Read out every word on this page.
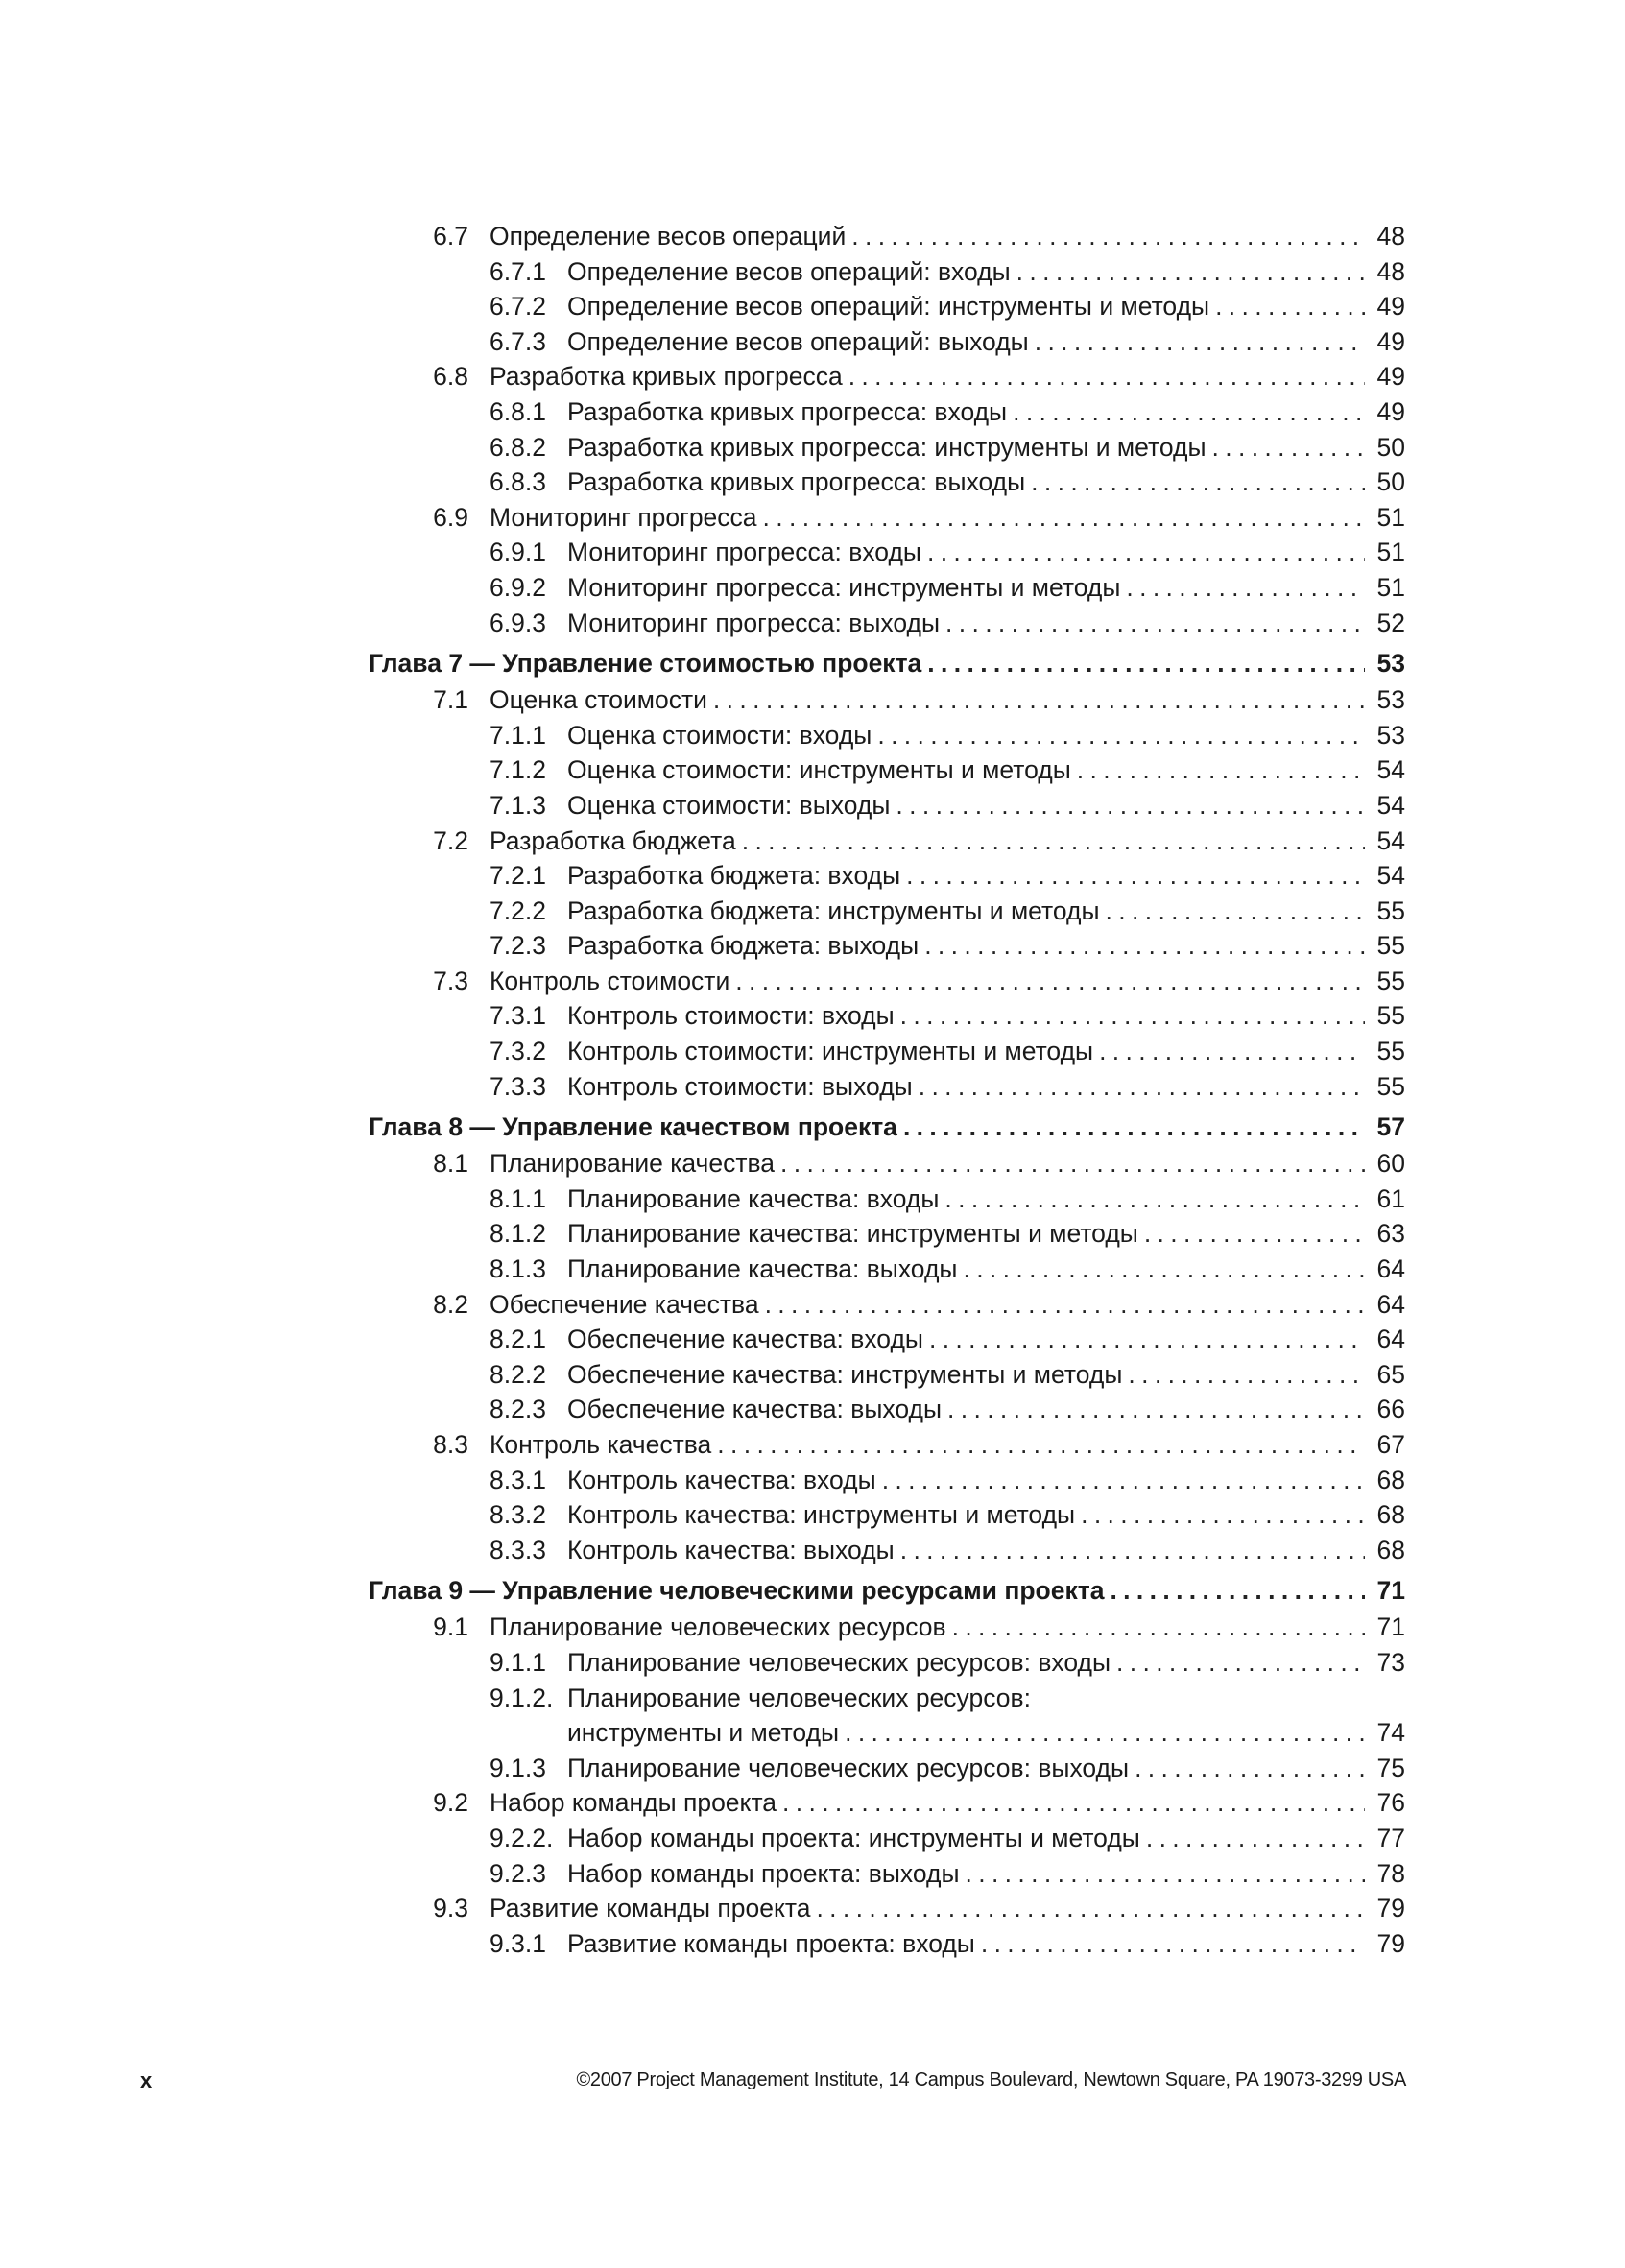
6.7 Определение весов операций . . .	48
6.7.1 Определение весов операций: входы . . .	48
6.7.2 Определение весов операций: инструменты и методы . . .	49
6.7.3 Определение весов операций: выходы . . .	49
6.8 Разработка кривых прогресса . . .	49
6.8.1 Разработка кривых прогресса: входы . . .	49
6.8.2 Разработка кривых прогресса: инструменты и методы . . .	50
6.8.3 Разработка кривых прогресса: выходы . . .	50
6.9 Мониторинг прогресса . . .	51
6.9.1 Мониторинг прогресса: входы . . .	51
6.9.2 Мониторинг прогресса: инструменты и методы . . .	51
6.9.3 Мониторинг прогресса: выходы . . .	52
Глава 7 — Управление стоимостью проекта . . .	53
7.1 Оценка стоимости . . .	53
7.1.1 Оценка стоимости: входы . . .	53
7.1.2 Оценка стоимости: инструменты и методы . . .	54
7.1.3 Оценка стоимости: выходы . . .	54
7.2 Разработка бюджета . . .	54
7.2.1 Разработка бюджета: входы . . .	54
7.2.2 Разработка бюджета: инструменты и методы . . .	55
7.2.3 Разработка бюджета: выходы . . .	55
7.3 Контроль стоимости . . .	55
7.3.1 Контроль стоимости: входы . . .	55
7.3.2 Контроль стоимости: инструменты и методы . . .	55
7.3.3 Контроль стоимости: выходы . . .	55
Глава 8 — Управление качеством проекта . . .	57
8.1 Планирование качества . . .	60
8.1.1 Планирование качества: входы . . .	61
8.1.2 Планирование качества: инструменты и методы . . .	63
8.1.3 Планирование качества: выходы . . .	64
8.2 Обеспечение качества . . .	64
8.2.1 Обеспечение качества: входы . . .	64
8.2.2 Обеспечение качества: инструменты и методы . . .	65
8.2.3 Обеспечение качества: выходы . . .	66
8.3 Контроль качества . . .	67
8.3.1 Контроль качества: входы . . .	68
8.3.2 Контроль качества: инструменты и методы . . .	68
8.3.3 Контроль качества: выходы . . .	68
Глава 9 — Управление человеческими ресурсами проекта . . .	71
9.1 Планирование человеческих ресурсов . . .	71
9.1.1 Планирование человеческих ресурсов: входы . . .	73
9.1.2. Планирование человеческих ресурсов:
инструменты и методы . . .	74
9.1.3 Планирование человеческих ресурсов: выходы . . .	75
9.2 Набор команды проекта . . .	76
9.2.2. Набор команды проекта: инструменты и методы . . .	77
9.2.3 Набор команды проекта: выходы . . .	78
9.3 Развитие команды проекта . . .	79
9.3.1 Развитие команды проекта: входы . . .	79
x	©2007 Project Management Institute, 14 Campus Boulevard, Newtown Square, PA 19073-3299 USA
